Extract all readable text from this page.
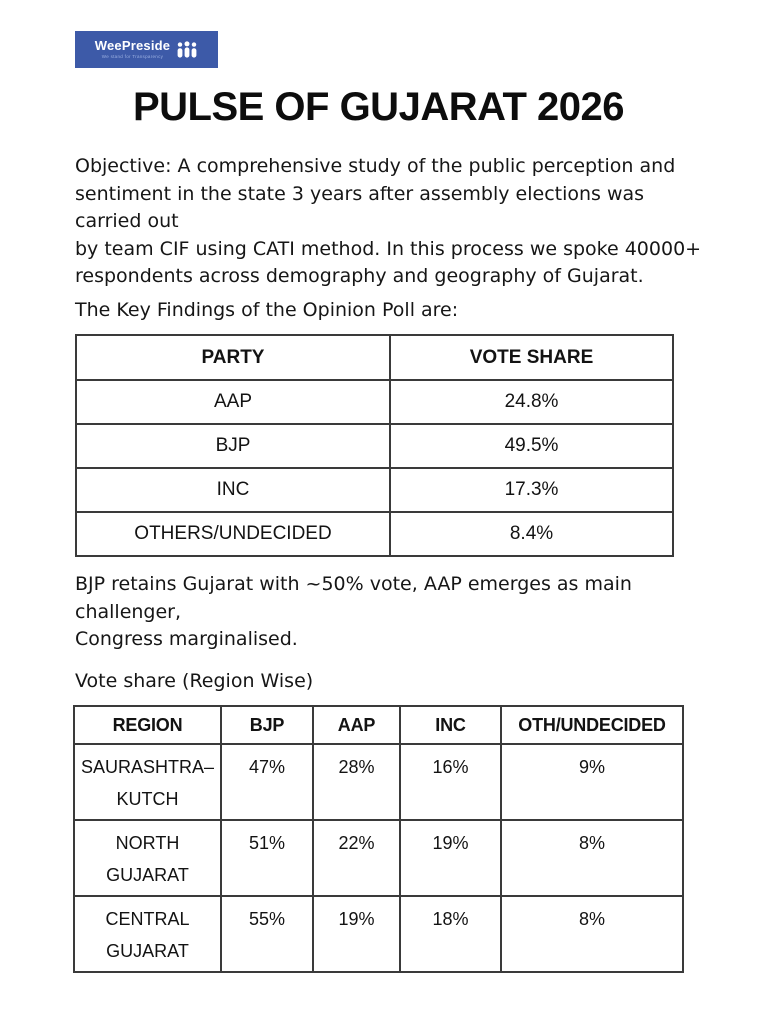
WeePreside
We stand for Transparency
PULSE OF GUJARAT 2026
Objective: A comprehensive study of the public perception and
sentiment in the state 3 years after assembly elections was carried out
by team CIF using CATI method. In this process we spoke 40000+
respondents across demography and geography of Gujarat.
The Key Findings of the Opinion Poll are:
PARTY	VOTE SHARE
AAP	24.8%
BJP	49.5%
INC	17.3%
OTHERS/UNDECIDED	8.4%
BJP retains Gujarat with ~50% vote, AAP emerges as main challenger,
Congress marginalised.
Vote share (Region Wise)
REGION	BJP	AAP	INC	OTH/UNDECIDED

SAURASHTRA–
KUTCH	47%	28%	16%	9%

NORTH
GUJARAT	51%	22%	19%	8%

CENTRAL
GUJARAT	55%	19%	18%	8%
